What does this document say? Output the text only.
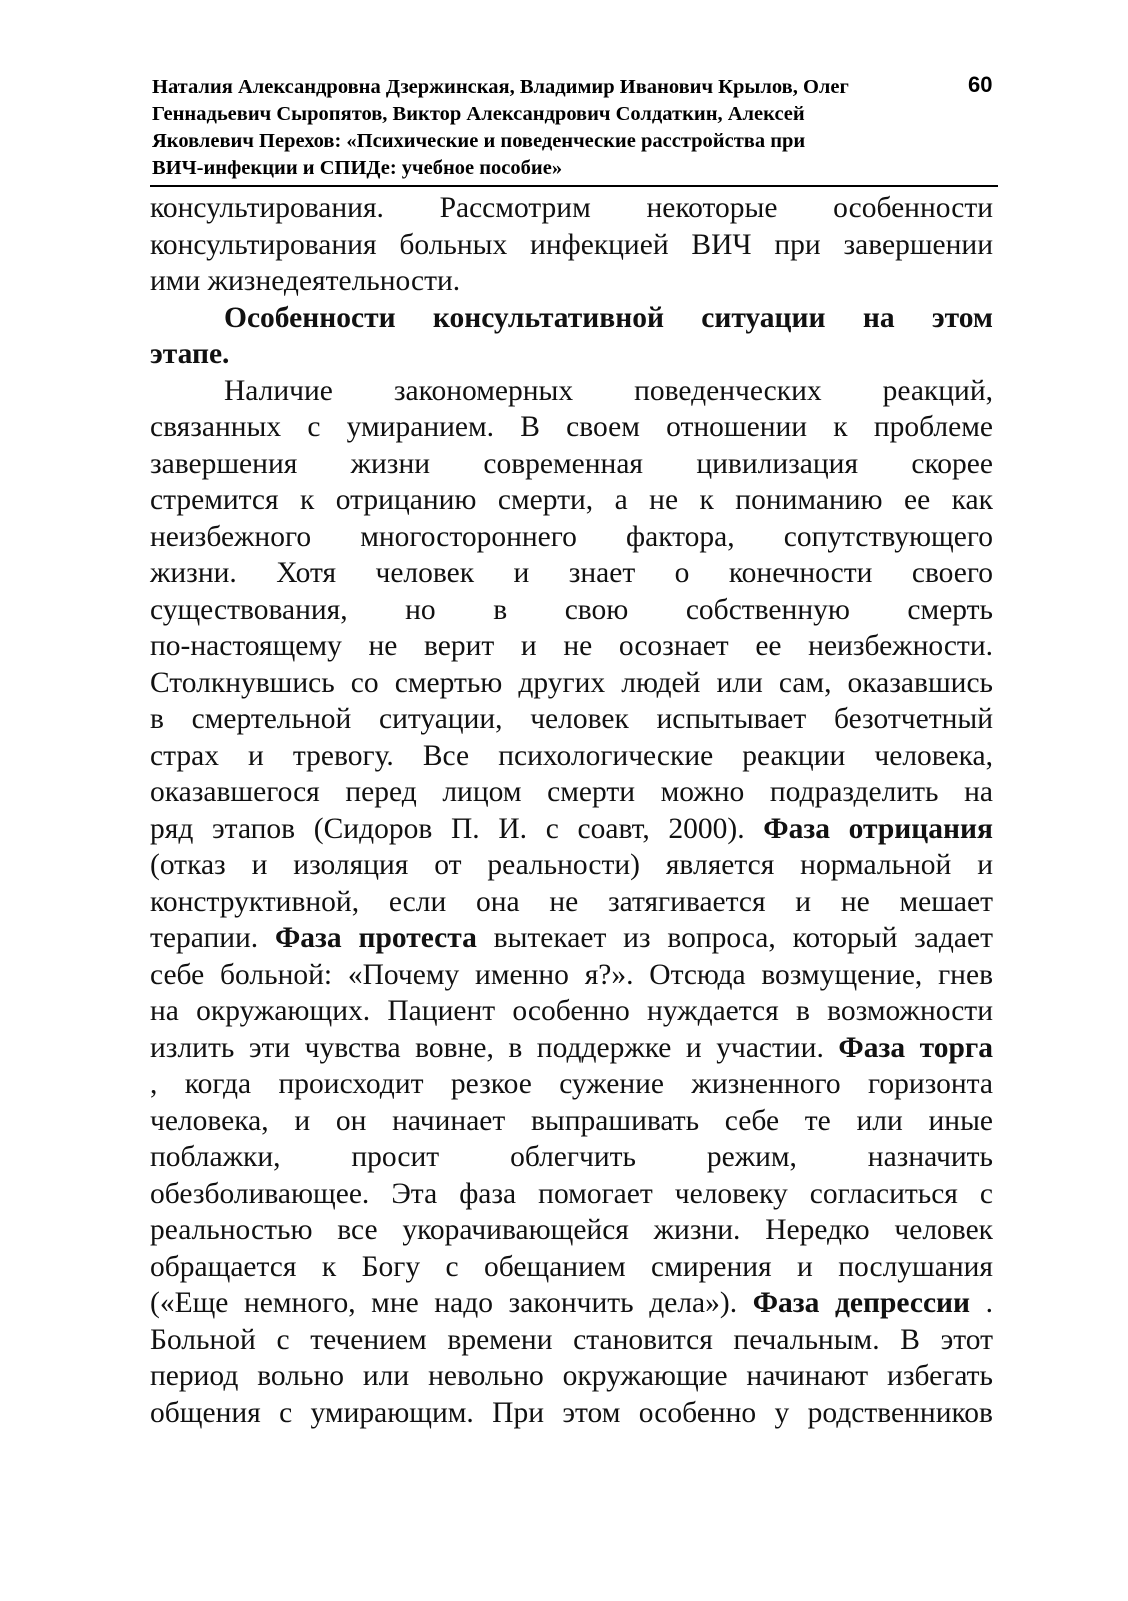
Наталия Александровна Дзержинская, Владимир Иванович Крылов, Олег
Геннадьевич Сыропятов, Виктор Александрович Солдаткин, Алексей
Яковлевич Перехов: «Психические и поведенческие расстройства при
ВИЧ-инфекции и СПИДе: учебное пособие»
60
консультирования. Рассмотрим некоторые особенности
консультирования больных инфекцией ВИЧ при завершении
ими жизнедеятельности.
Особенности консультативной ситуации на этом
этапе.
Наличие закономерных поведенческих реакций,
связанных с умиранием. В своем отношении к проблеме
завершения жизни современная цивилизация скорее
стремится к отрицанию смерти, а не к пониманию ее как
неизбежного многостороннего фактора, сопутствующего
жизни. Хотя человек и знает о конечности своего
существования, но в свою собственную смерть
по-настоящему не верит и не осознает ее неизбежности.
Столкнувшись со смертью других людей или сам, оказавшись
в смертельной ситуации, человек испытывает безотчетный
страх и тревогу. Все психологические реакции человека,
оказавшегося перед лицом смерти можно подразделить на
ряд этапов (Сидоров П. И. с соавт, 2000). Фаза отрицания
(отказ и изоляция от реальности) является нормальной и
конструктивной, если она не затягивается и не мешает
терапии. Фаза протеста вытекает из вопроса, который задает
себе больной: «Почему именно я?». Отсюда возмущение, гнев
на окружающих. Пациент особенно нуждается в возможности
излить эти чувства вовне, в поддержке и участии. Фаза торга
, когда происходит резкое сужение жизненного горизонта
человека, и он начинает выпрашивать себе те или иные
поблажки, просит облегчить режим, назначить
обезболивающее. Эта фаза помогает человеку согласиться с
реальностью все укорачивающейся жизни. Нередко человек
обращается к Богу с обещанием смирения и послушания
(«Еще немного, мне надо закончить дела»). Фаза депрессии .
Больной с течением времени становится печальным. В этот
период вольно или невольно окружающие начинают избегать
общения с умирающим. При этом особенно у родственников
